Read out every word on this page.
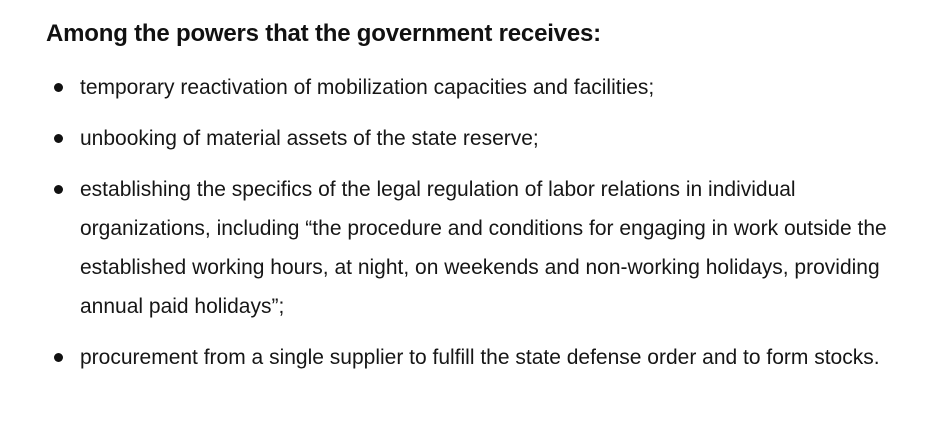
Among the powers that the government receives:
temporary reactivation of mobilization capacities and facilities;
unbooking of material assets of the state reserve;
establishing the specifics of the legal regulation of labor relations in individual organizations, including “the procedure and conditions for engaging in work outside the established working hours, at night, on weekends and non-working holidays, providing annual paid holidays”;
procurement from a single supplier to fulfill the state defense order and to form stocks.
